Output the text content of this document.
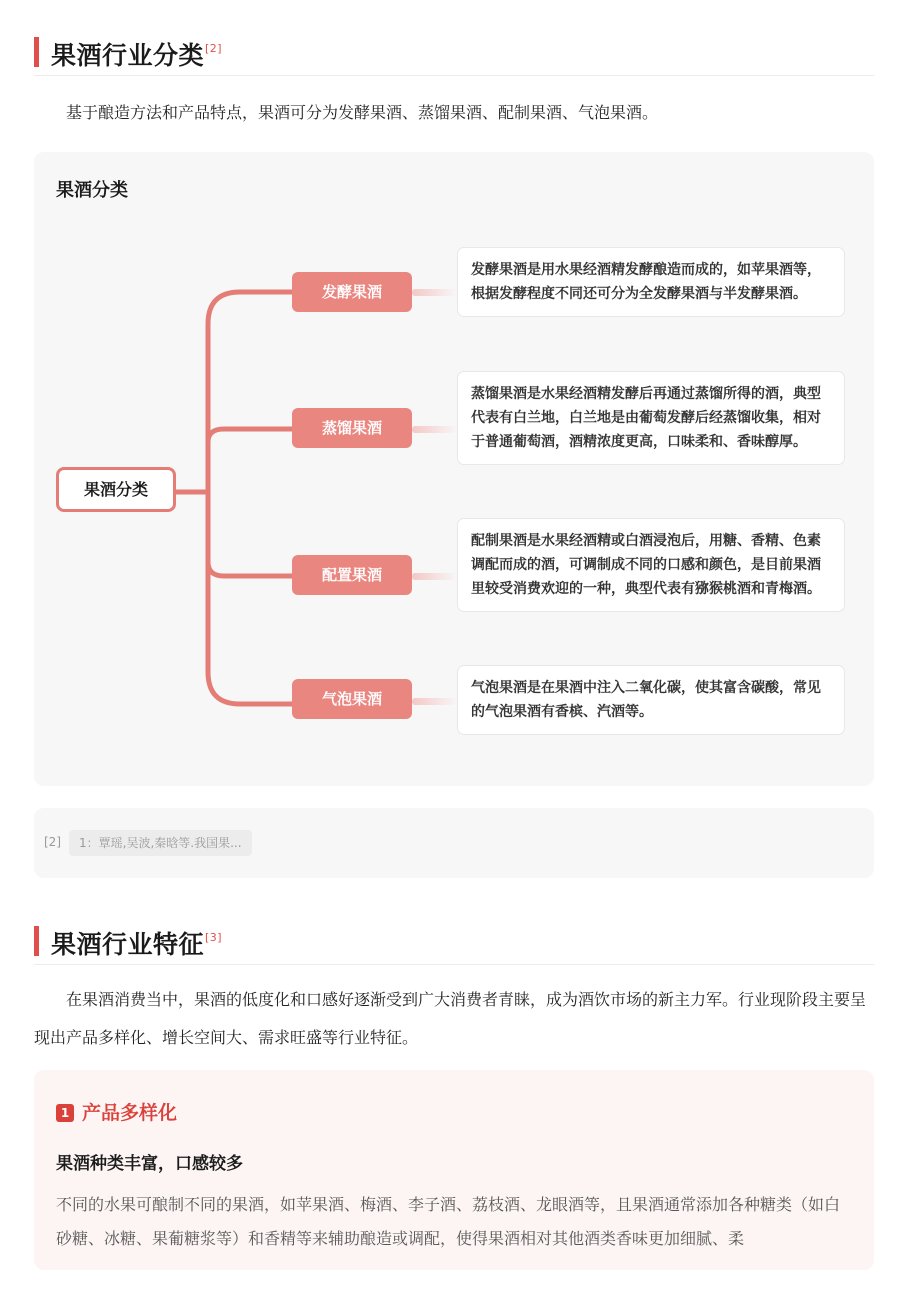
果酒行业分类[2]

基于酿造方法和产品特点，果酒可分为发酵果酒、蒸馏果酒、配制果酒、气泡果酒。

果酒分类
果酒分类
发酵果酒
蒸馏果酒
配置果酒
气泡果酒
发酵果酒是用水果经酒精发酵酿造而成的，如苹果酒等，根据发酵程度不同还可分为全发酵果酒与半发酵果酒。
蒸馏果酒是水果经酒精发酵后再通过蒸馏所得的酒，典型代表有白兰地，白兰地是由葡萄发酵后经蒸馏收集，相对于普通葡萄酒，酒精浓度更高，口味柔和、香味醇厚。
配制果酒是水果经酒精或白酒浸泡后，用糖、香精、色素调配而成的酒，可调制成不同的口感和颜色，是目前果酒里较受消费欢迎的一种，典型代表有猕猴桃酒和青梅酒。
气泡果酒是在果酒中注入二氧化碳，使其富含碳酸，常见的气泡果酒有香槟、汽酒等。
[2]	1：覃瑶,吴波,秦晗等.我国果...
果酒行业特征[3]

在果酒消费当中，果酒的低度化和口感好逐渐受到广大消费者青睐，成为酒饮市场的新主力军。行业现阶段主要呈现出产品多样化、增长空间大、需求旺盛等行业特征。

1 产品多样化
果酒种类丰富，口感较多
不同的水果可酿制不同的果酒，如苹果酒、梅酒、李子酒、荔枝酒、龙眼酒等，且果酒通常添加各种糖类（如白砂糖、冰糖、果葡糖浆等）和香精等来辅助酿造或调配，使得果酒相对其他酒类香味更加细腻、柔
